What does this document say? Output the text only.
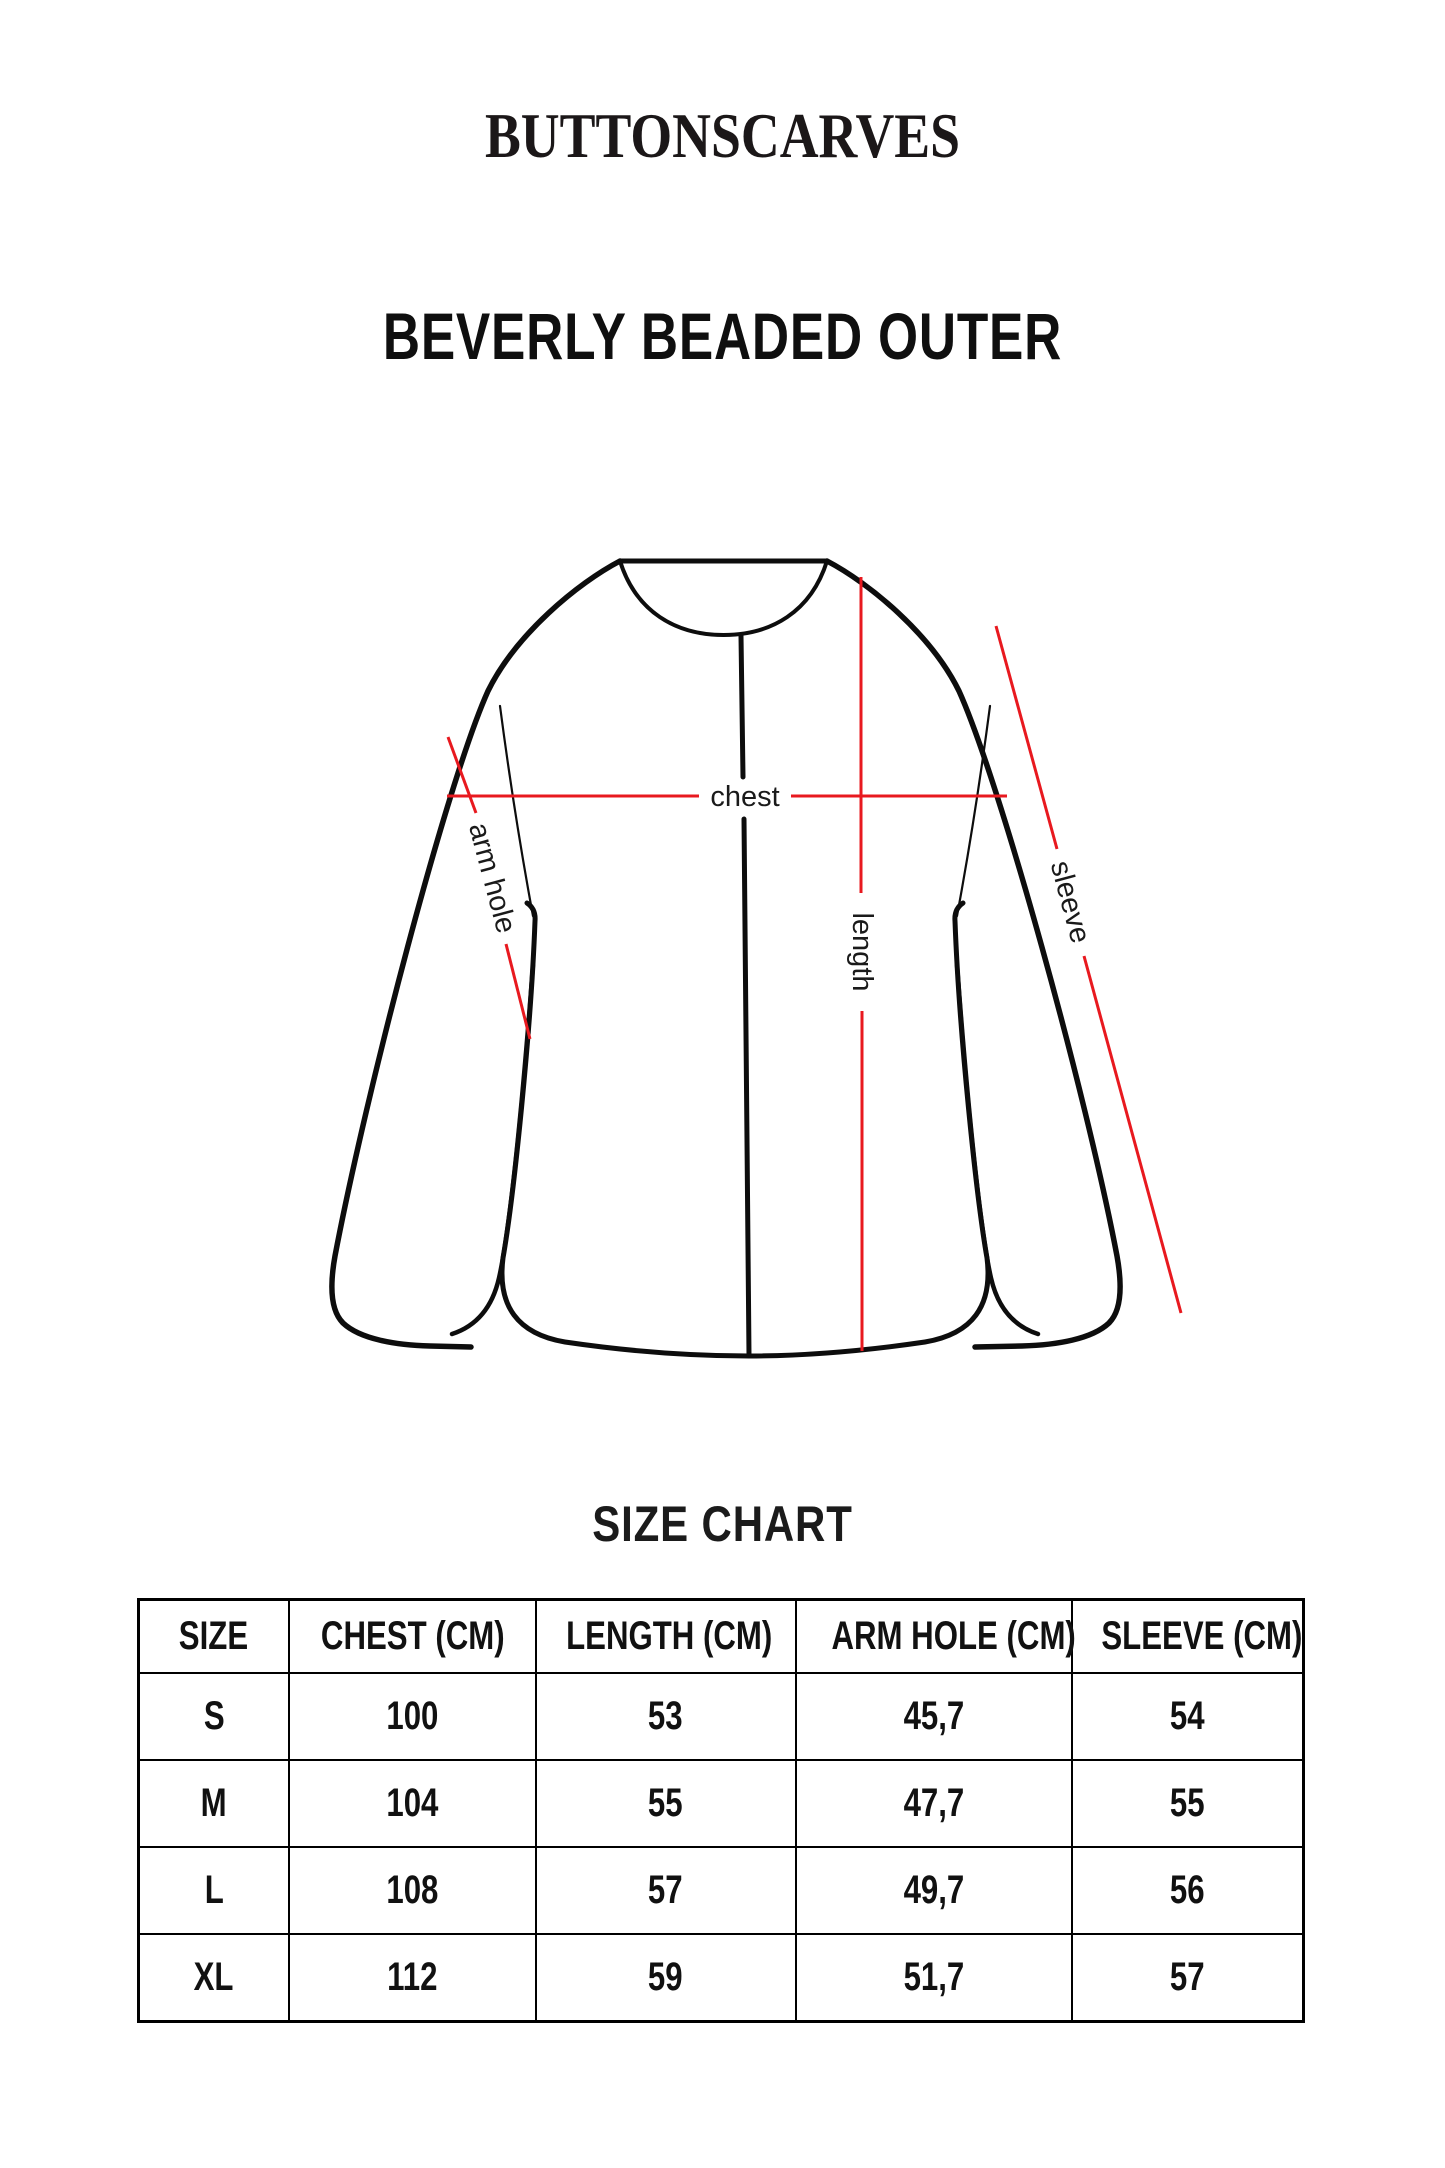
BUTTONSCARVES
BEVERLY BEADED OUTER
chest
length
arm hole	sleeve
SIZE CHART
SIZE	CHEST (CM)	LENGTH (CM)	ARM HOLE (CM)	SLEEVE (CM)
S	100	53	45,7	54
M	104	55	47,7	55
L	108	57	49,7	56
XL	112	59	51,7	57
